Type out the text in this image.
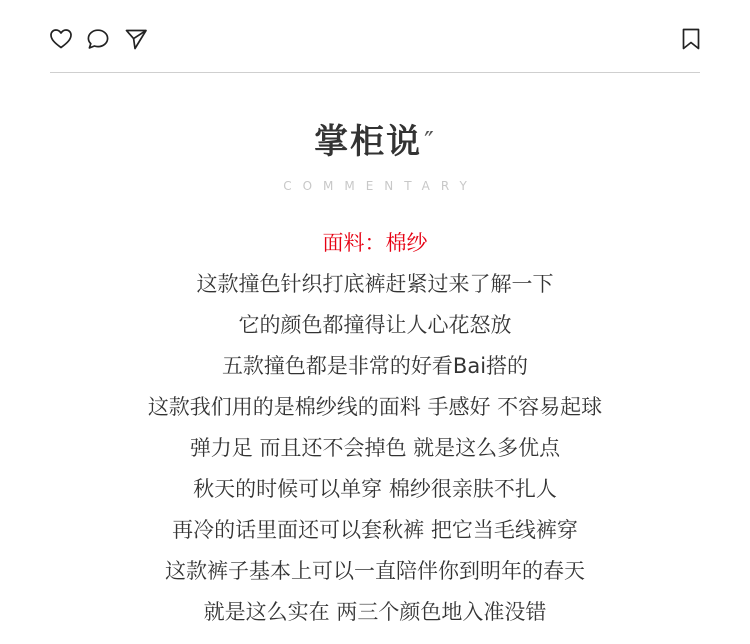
掌柜说″
COMMENTARY
面料：棉纱
这款撞色针织打底裤赶紧过来了解一下
它的颜色都撞得让人心花怒放
五款撞色都是非常的好看Bai搭的
这款我们用的是棉纱线的面料 手感好 不容易起球
弹力足 而且还不会掉色 就是这么多优点
秋天的时候可以单穿 棉纱很亲肤不扎人
再冷的话里面还可以套秋裤 把它当毛线裤穿
这款裤子基本上可以一直陪伴你到明年的春天
就是这么实在 两三个颜色地入准没错
